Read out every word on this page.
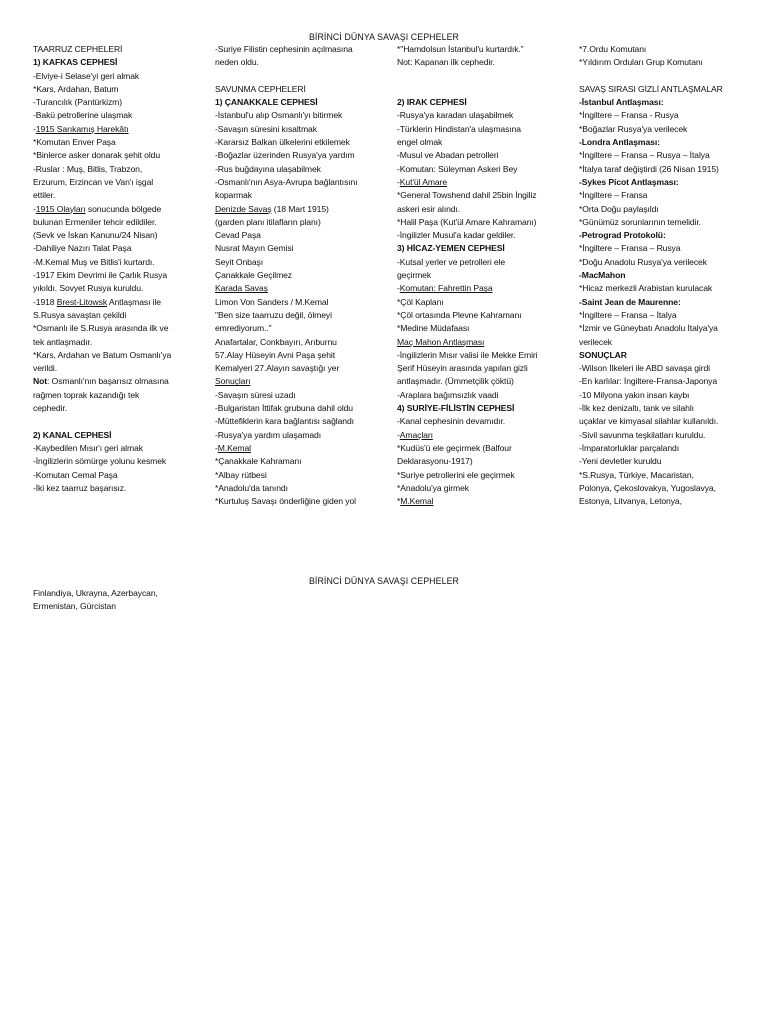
BİRİNCİ DÜNYA SAVAŞI CEPHELER
TAARRUZ CEPHELERİ
1) KAFKAS CEPHESİ
-Elviye-i Selase'yi geri almak
*Kars, Ardahan, Batum
-Turancılık (Pantürkizm)
-Bakü petrollerine ulaşmak
-1915 Sarıkamış Harekâtı
*Komutan Enver Paşa
*Binlerce asker donarak şehit oldu
-Ruslar : Muş, Bitlis, Trabzon,
Erzurum, Erzincan ve Van'ı işgal
ettiler.
-1915 Olayları sonucunda bölgede
bulunan Ermeniler tehcir edildiler.
(Sevk ve İskan Kanunu/24 Nisan)
-Dahiliye Nazırı Talat Paşa
-M.Kemal Muş ve Bitlis'i kurtardı.
-1917 Ekim Devrimi ile Çarlık Rusya
yıkıldı. Sovyet Rusya kuruldu.
-1918 Brest-Litowsk Antlaşması ile
S.Rusya savaştan çekildi
*Osmanlı ile S.Rusya arasında ilk ve
tek antlaşmadır.
*Kars, Ardahan ve Batum Osmanlı'ya
verildi.
Not: Osmanlı'nın başarısız olmasına
rağmen toprak kazandığı tek
cephedir.
2) KANAL CEPHESİ
-Kaybedilen Mısır'ı geri almak
-İngilizlerin sömürge yolunu kesmek
-Komutan Cemal Paşa
-İki kez taarruz başarısız.
-Suriye Filistin cephesinin açılmasına
neden oldu.
SAVUNMA CEPHELERİ
1) ÇANAKKALE CEPHESİ
-İstanbul'u alıp Osmanlı'yı bitirmek
-Savaşın süresini kısaltmak
-Kararsız Balkan ülkelerini etkilemek
-Boğazlar üzerinden Rusya'ya yardım
-Rus buğdayına ulaşabilmek
-Osmanlı'nın Asya-Avrupa bağlantısını
koparmak
Denizde Savaş (18 Mart 1915)
(garden planı itilafların planı)
Cevad Paşa
Nusrat Mayın Gemisi
Seyit Onbaşı
Çanakkale Geçilmez
Karada Savaş
Limon Von Sanders / M.Kemal
"Ben size taarruzu değil, ölmeyi
emrediyorum.."
Anafartalar, Conkbayırı, Arıburnu
57.Alay Hüseyin Avni Paşa şehit
Kemalyeri 27.Alayın savaştığı yer
Sonuçları
-Savaşın süresi uzadı
-Bulgaristan İttifak grubuna dahil oldu
-Müttefiklerin kara bağlantısı sağlandı
-Rusya'ya yardım ulaşamadı
-M.Kemal
*Çanakkale Kahramanı
*Albay rütbesi
*Anadolu'da tanındı
*Kurtuluş Savaşı önderliğine giden yol
*"Hamdolsun İstanbul'u kurtardık."
Not: Kapanan ilk cephedir.
2) IRAK CEPHESİ
-Rusya'ya karadan ulaşabilmek
-Türklerin Hindistan'a ulaşmasına
engel olmak
-Musul ve Abadan petrolleri
-Komutan: Süleyman Askeri Bey
-Kut'ül Amare
*General Towshend dahil 25bin İngiliz
askeri esir alındı.
*Halil Paşa (Kut'ül Amare Kahramanı)
-İngilizler Musul'a kadar geldiler.
3) HİCAZ-YEMEN CEPHESİ
-Kutsal yerler ve petrolleri ele
geçirmek
-Komutan: Fahrettin Paşa
*Çöl Kaplanı
*Çöl ortasında Plevne Kahramanı
*Medine Müdafaası
Maç Mahon Antlaşması
-İngilizlerin Mısır valisi ile Mekke Emiri
Şerif Hüseyin arasında yapılan gizli
antlaşmadır. (Ümmetçilik çöktü)
-Araplara bağımsızlık vaadi
4) SURİYE-FİLİSTİN CEPHESİ
-Kanal cephesinin devamıdır.
-Amaçları
*Kudüs'ü ele geçirmek (Balfour
Deklarasyonu-1917)
*Suriye petrollerini ele geçirmek
*Anadolu'ya girmek
*M.Kemal
*7.Ordu Komutanı
*Yıldırım Orduları Grup Komutanı
SAVAŞ SIRASI GİZLİ ANTLAŞMALAR
-İstanbul Antlaşması:
*İngiltere – Fransa - Rusya
*Boğazlar Rusya'ya verilecek
-Londra Antlaşması:
*İngiltere – Fransa – Rusya – İtalya
*İtalya taraf değiştirdi (26 Nisan 1915)
-Sykes Picot Antlaşması:
*İngiltere – Fransa
*Orta Doğu paylaşıldı
*Günümüz sorunlarının temelidir.
-Petrograd Protokolü:
*İngiltere – Fransa – Rusya
*Doğu Anadolu Rusya'ya verilecek
-MacMahon
*Hicaz merkezli Arabistan kurulacak
-Saint Jean de Maurenne:
*İngiltere – Fransa – İtalya
*İzmir ve Güneybatı Anadolu İtalya'ya
verilecek
SONUÇLAR
-Wilson İlkeleri ile ABD savaşa girdi
-En karlılar: İngiltere-Fransa-Japonya
-10 Milyona yakın insan kaybı
-İlk kez denizaltı, tank ve silahlı
uçaklar ve kimyasal silahlar kullanıldı.
-Sivil savunma teşkilatları kuruldu.
-İmparatorluklar parçalandı
-Yeni devletler kuruldu
*S.Rusya, Türkiye, Macaristan,
Polonya, Çekoslovakya, Yugoslavya,
Estonya, Litvanya, Letonya,
BİRİNCİ DÜNYA SAVAŞI CEPHELER
Finlandiya, Ukrayna, Azerbaycan,
Ermenistan, Gürcistan
